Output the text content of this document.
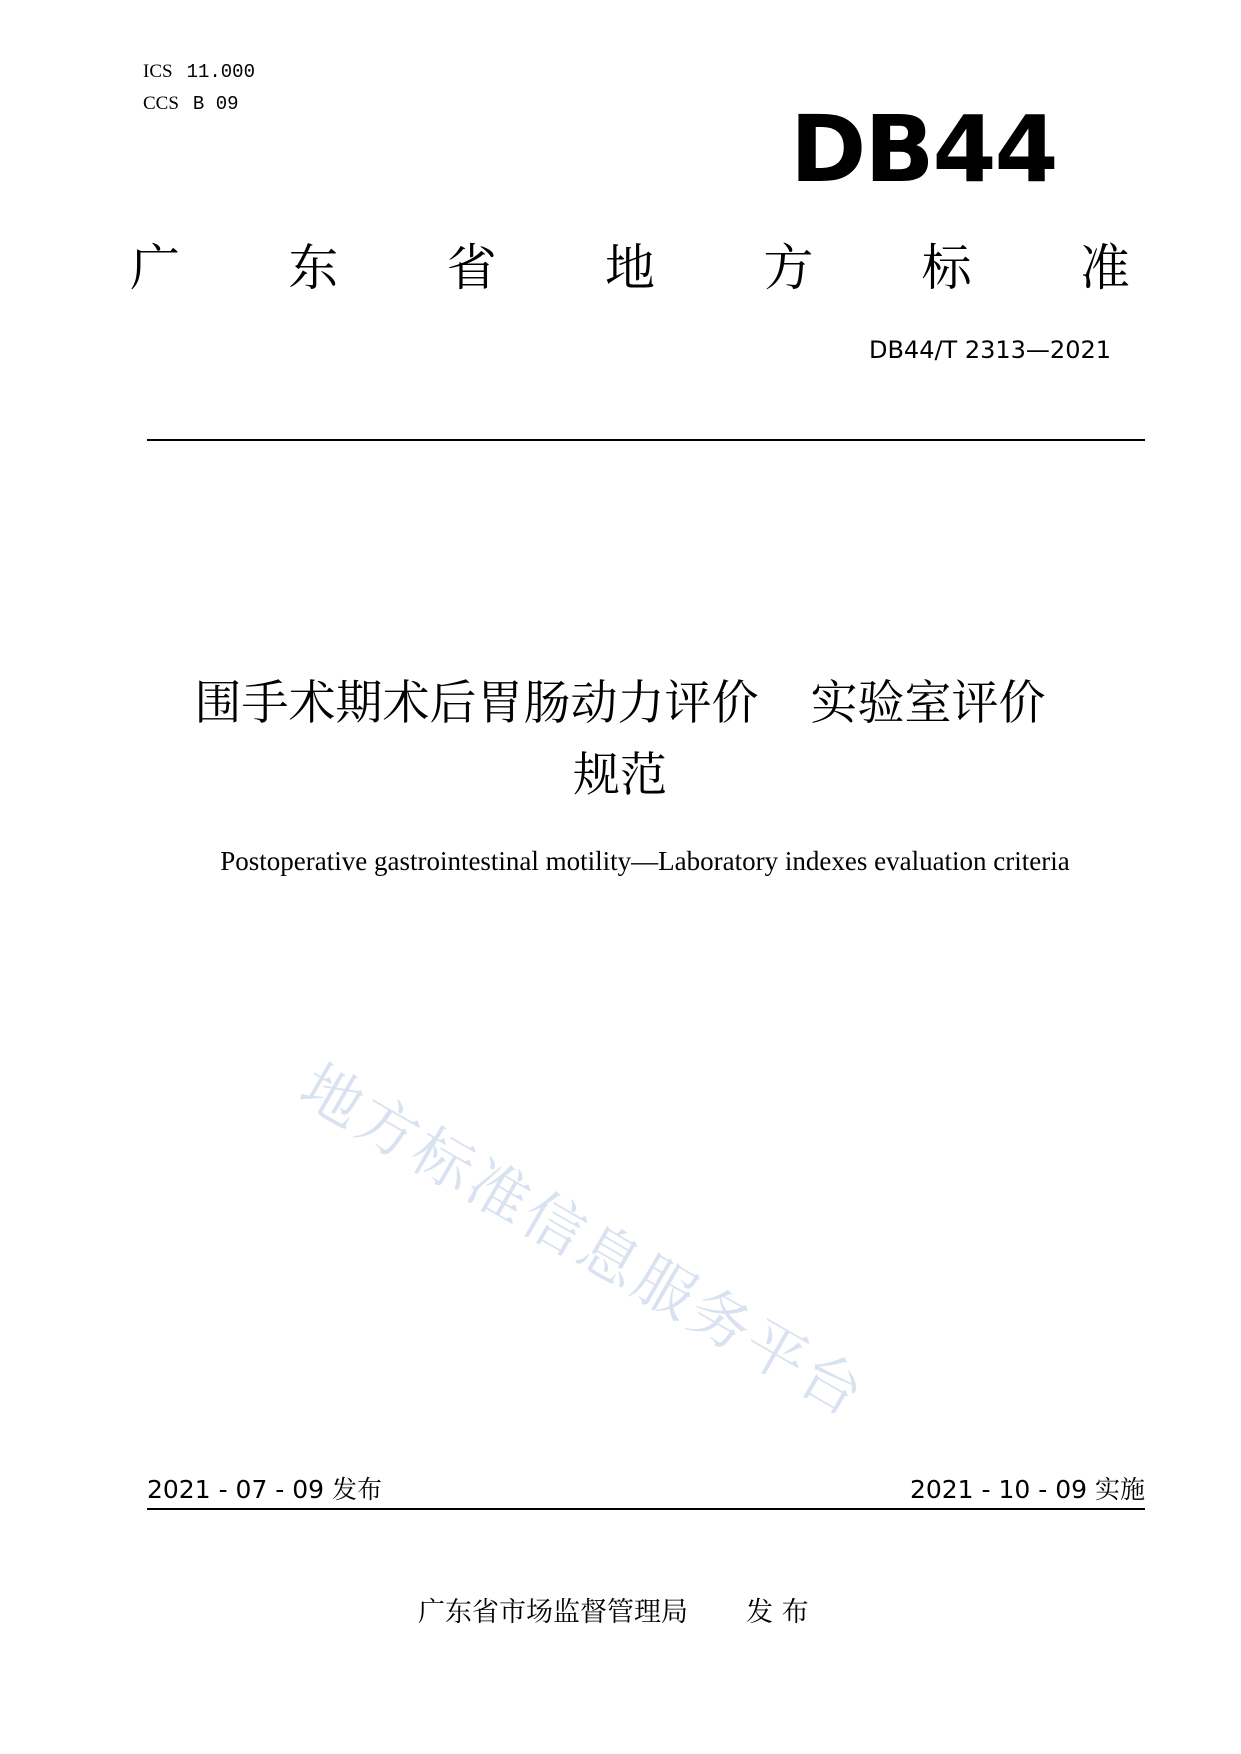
ICS 11.000
CCS B 09	DB44
广 东 省 地 方 标 准
DB44/T 2313—2021
围手术期术后胃肠动力评价 实验室评价
规范
Postoperative gastrointestinal motility—Laboratory indexes evaluation criteria
地方标准信息服务平台
2021 - 07 - 09 发布	2021 - 10 - 09 实施
广东省市场监督管理局 发 布
